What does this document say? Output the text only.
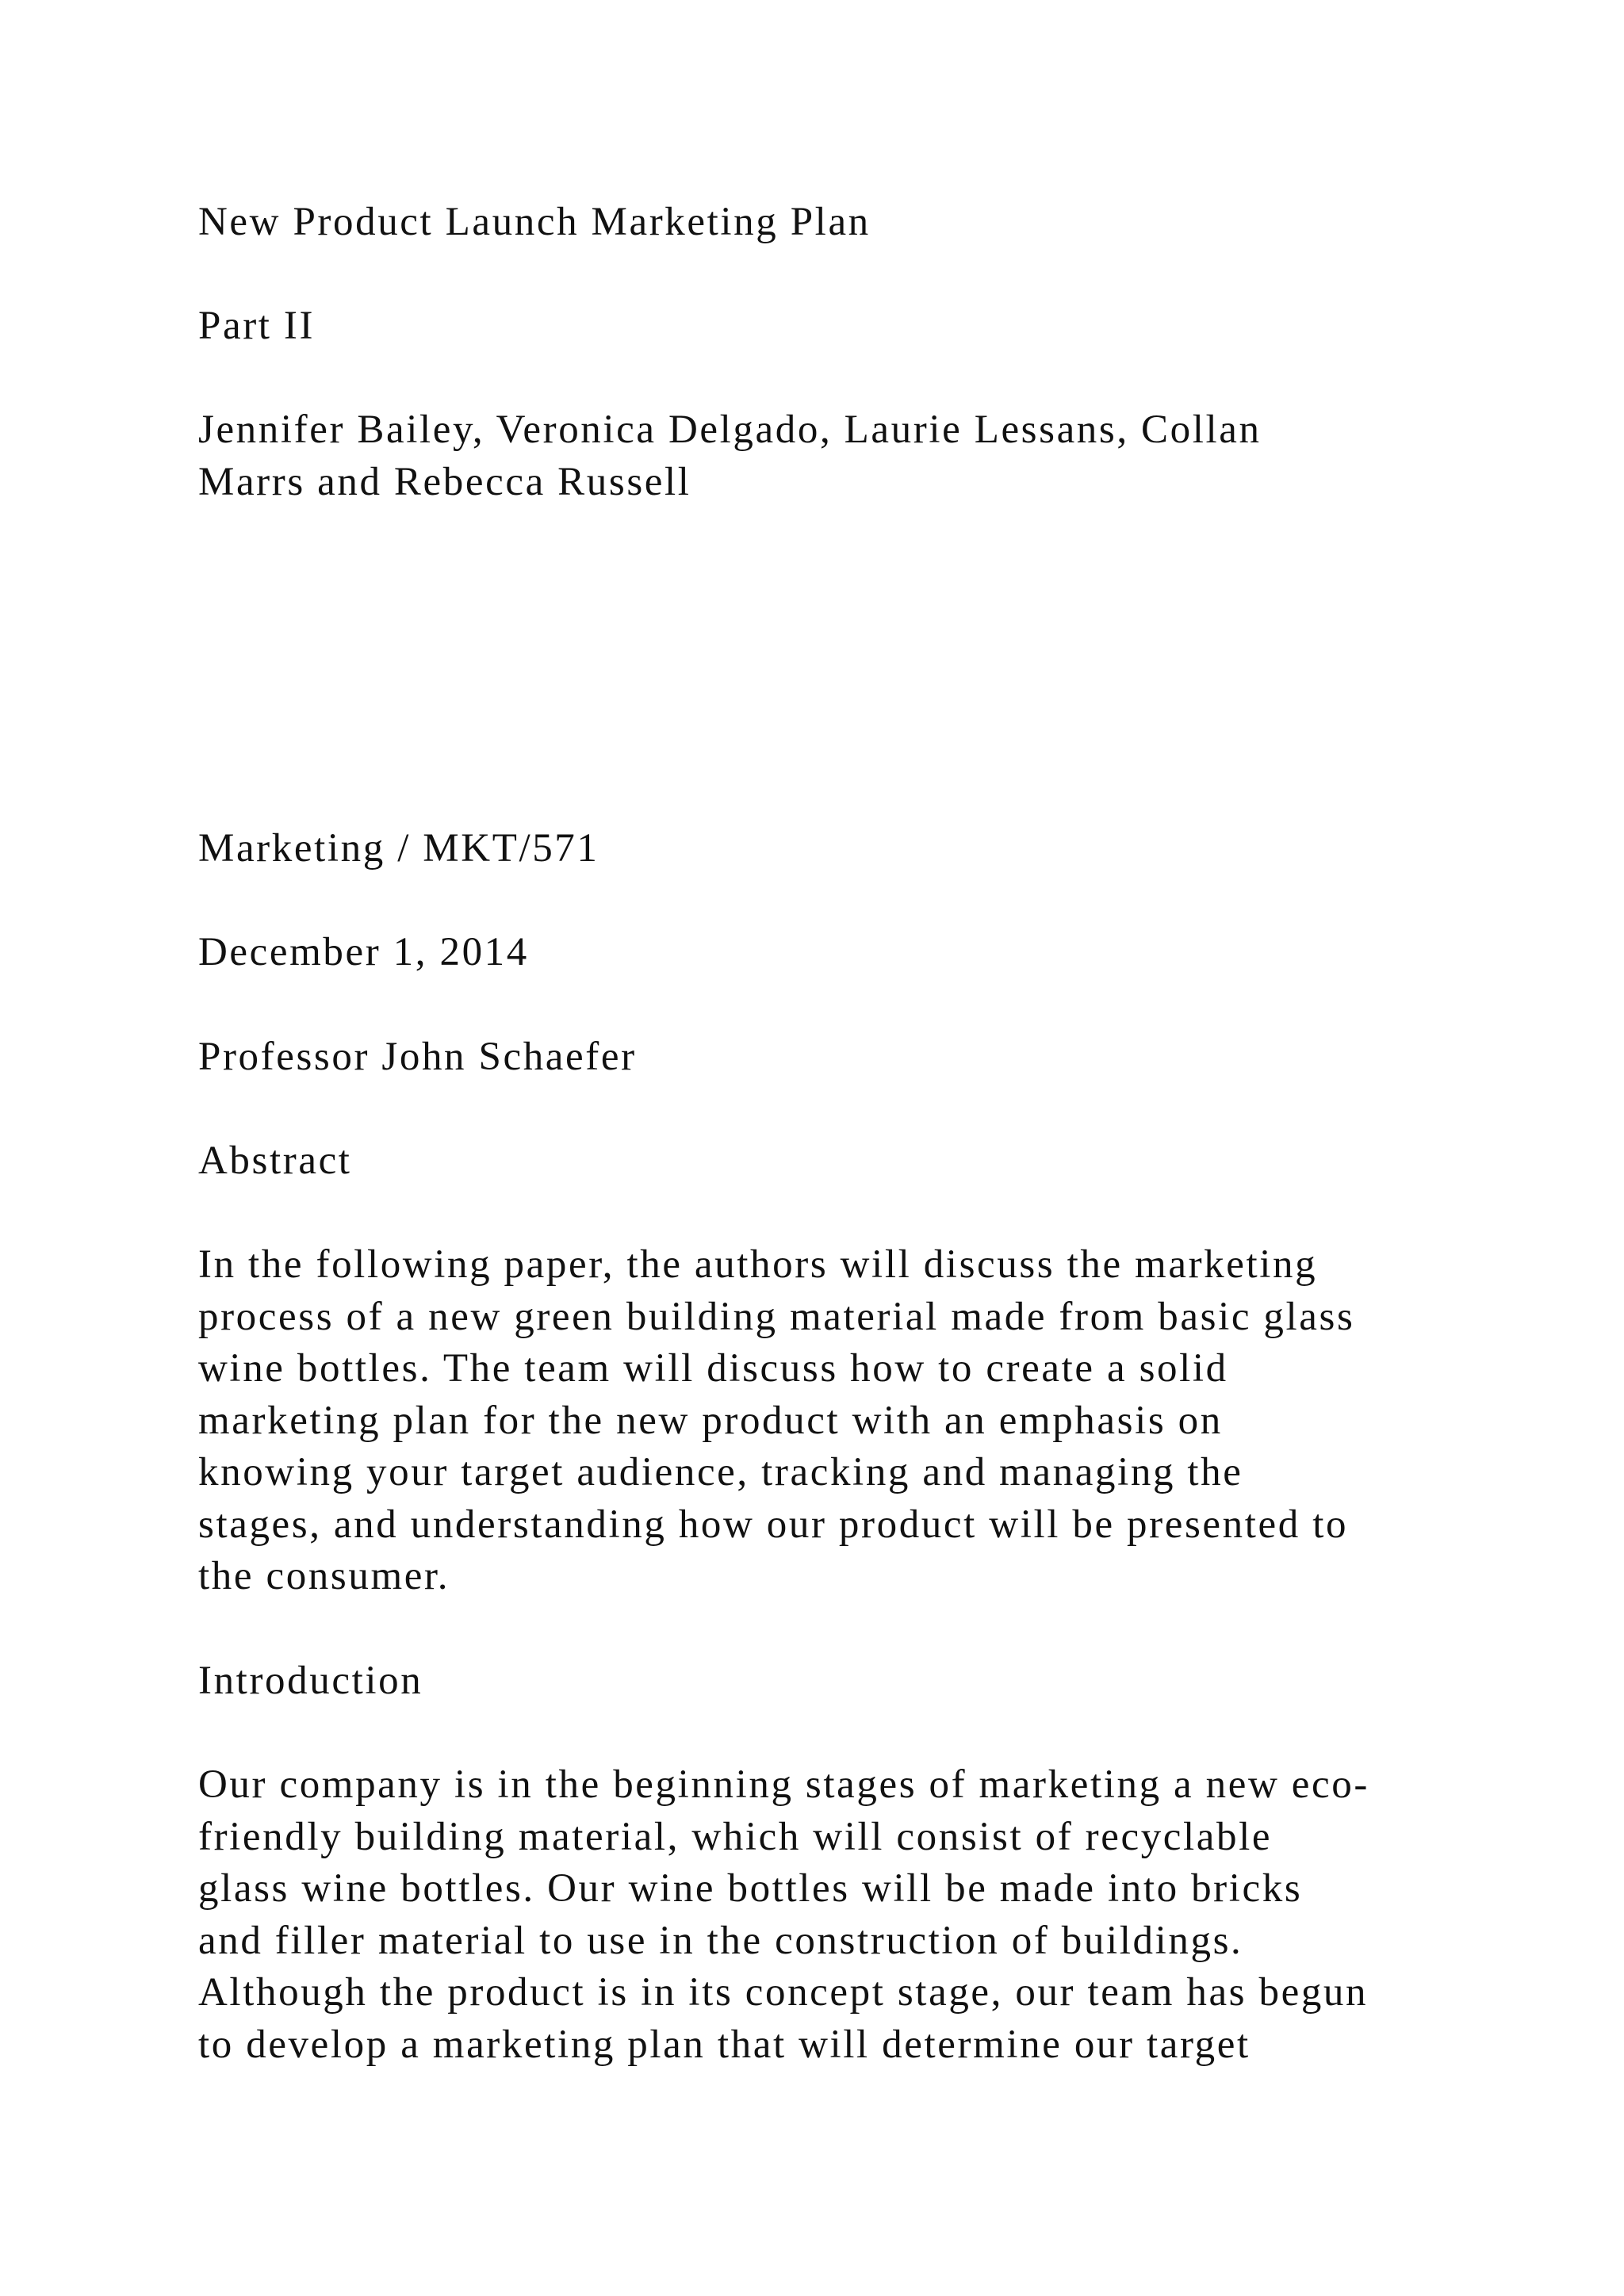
New Product Launch Marketing Plan

Part II

Jennifer Bailey, Veronica Delgado, Laurie Lessans, Collan
Marrs and Rebecca Russell

Marketing / MKT/571

December 1, 2014

Professor John Schaefer

Abstract

In the following paper, the authors will discuss the marketing
process of a new green building material made from basic glass
wine bottles. The team will discuss how to create a solid
marketing plan for the new product with an emphasis on
knowing your target audience, tracking and managing the
stages, and understanding how our product will be presented to
the consumer.

Introduction

Our company is in the beginning stages of marketing a new eco-
friendly building material, which will consist of recyclable
glass wine bottles. Our wine bottles will be made into bricks
and filler material to use in the construction of buildings.
Although the product is in its concept stage, our team has begun
to develop a marketing plan that will determine our target
